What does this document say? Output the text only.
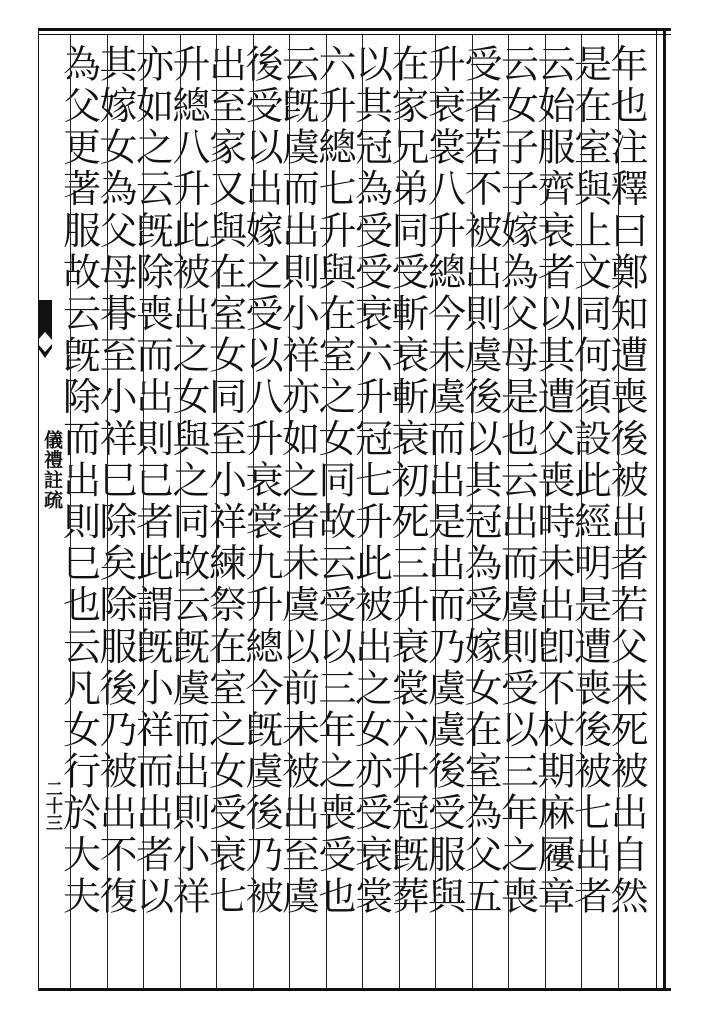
儀禮註疏
二十三	年也注釋曰鄭知遭喪後被出者若父未死被出自然
是在室與上文同何須設此經明是遭喪後被七出者
云始服齊衰者以其遭父喪時未出卽不杖期麻屨章
云女子子嫁為父母是也云出而虞則受以三年之喪
受者若不被出則虞後以其冠為受嫁女在室為父五
升衰裳八升總今未虞而出是出而乃虞虞後受服與
在家兄弟同受斬衰斬衰初死三升衰裳六升冠旣葬
以其冠為受受衰六升冠七升此被出之女亦受衰裳
六升總七升與在室之女同故云受以三年之喪受也
云旣虞而出則小祥亦如之者未虞以前未被出至虞
後受以出嫁之受以八升衰裳九升總今旣虞後乃被
出至家又與在室女同至小祥練祭在室之女受衰七
升總八升此被出之女與之同故云旣虞而出則小祥
亦如之云旣除喪而出則已者此謂旣小祥而出者以
其嫁女為父母朞至小祥巳除矣除服後乃被出不復
為父更著服故云旣除而出則巳也云凡女行於大夫
